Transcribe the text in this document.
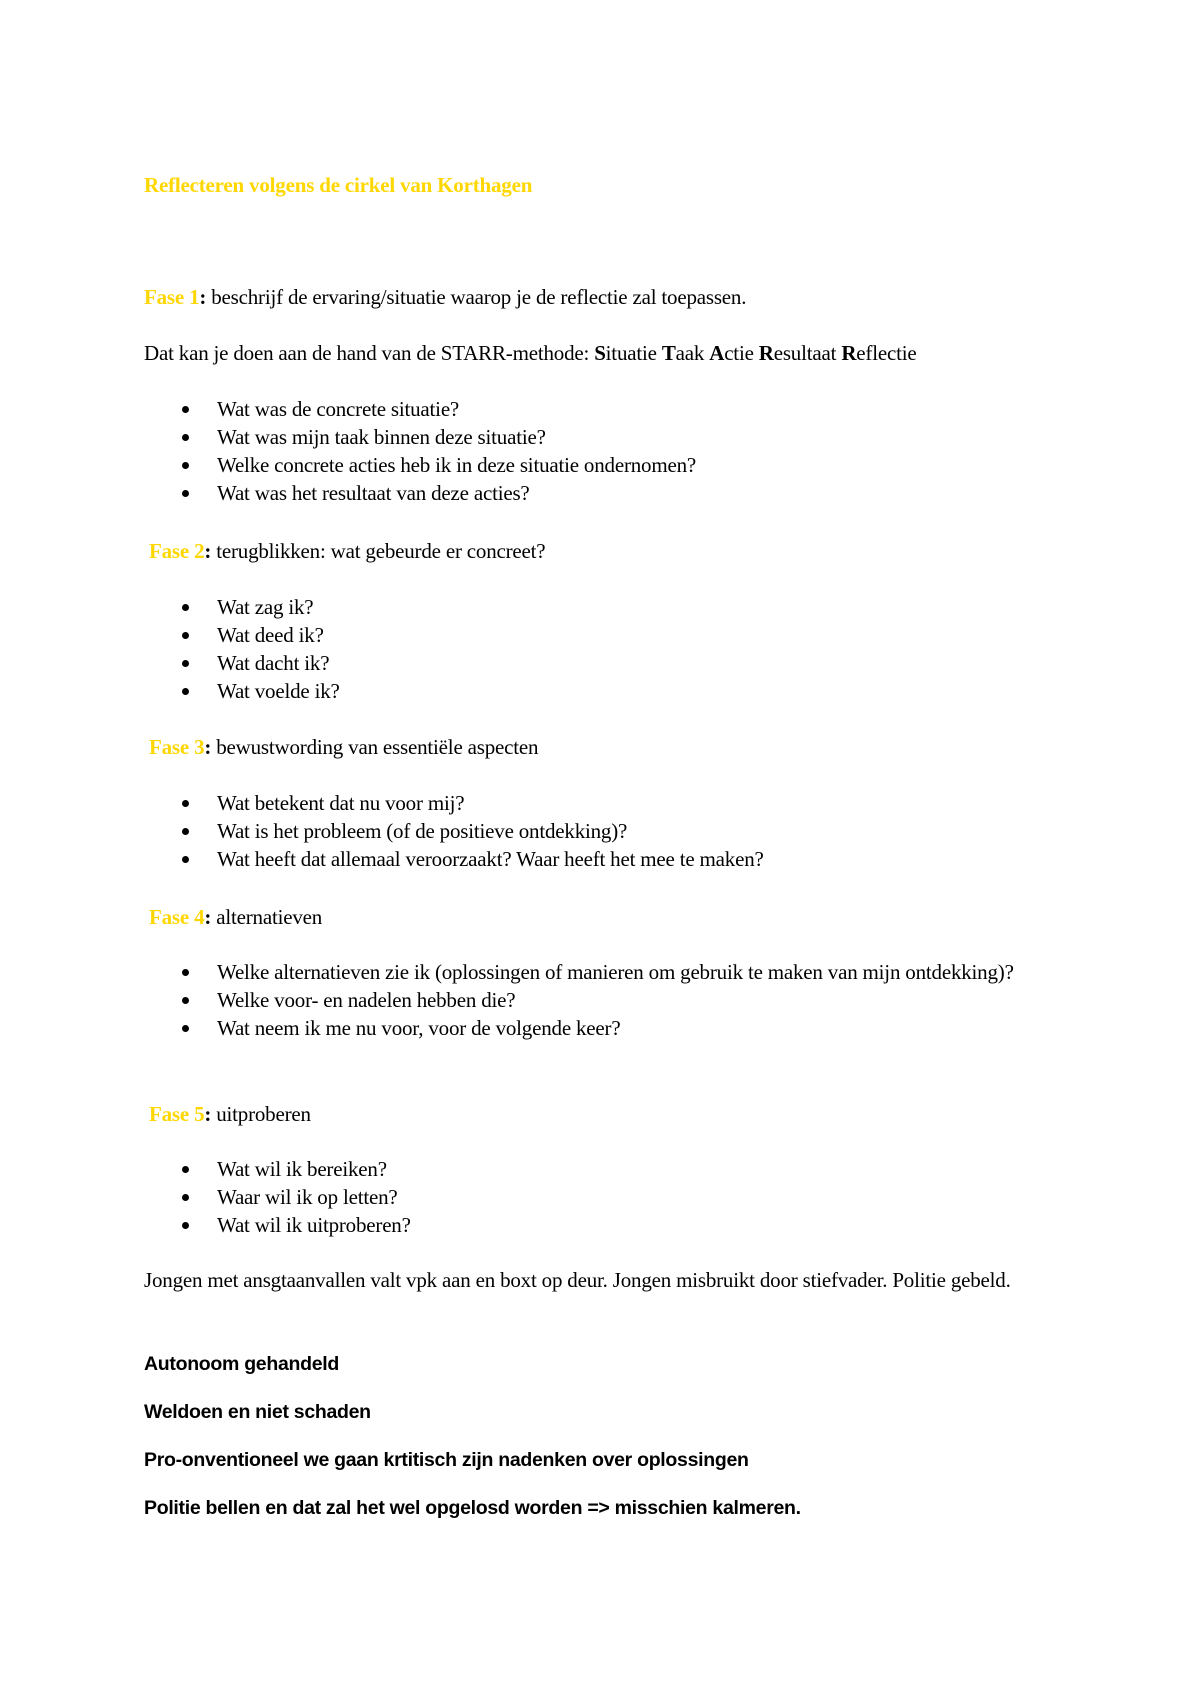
Reflecteren volgens de cirkel van Korthagen
Fase 1: beschrijf de ervaring/situatie waarop je de reflectie zal toepassen.
Dat kan je doen aan de hand van de STARR-methode: Situatie Taak Actie Resultaat Reflectie
Wat was de concrete situatie?
Wat was mijn taak binnen deze situatie?
Welke concrete acties heb ik in deze situatie ondernomen?
Wat was het resultaat van deze acties?
Fase 2: terugblikken: wat gebeurde er concreet?
Wat zag ik?
Wat deed ik?
Wat dacht ik?
Wat voelde ik?
Fase 3: bewustwording van essentiële aspecten
Wat betekent dat nu voor mij?
Wat is het probleem (of de positieve ontdekking)?
Wat heeft dat allemaal veroorzaakt? Waar heeft het mee te maken?
Fase 4: alternatieven
Welke alternatieven zie ik (oplossingen of manieren om gebruik te maken van mijn ontdekking)?
Welke voor- en nadelen hebben die?
Wat neem ik me nu voor, voor de volgende keer?
Fase 5: uitproberen
Wat wil ik bereiken?
Waar wil ik op letten?
Wat wil ik uitproberen?
Jongen met ansgtaanvallen valt vpk aan en boxt op deur. Jongen misbruikt door stiefvader. Politie gebeld.
Autonoom gehandeld
Weldoen en niet schaden
Pro-onventioneel we gaan krtitisch zijn nadenken over oplossingen
Politie bellen en dat zal het wel opgelosd worden => misschien kalmeren.
